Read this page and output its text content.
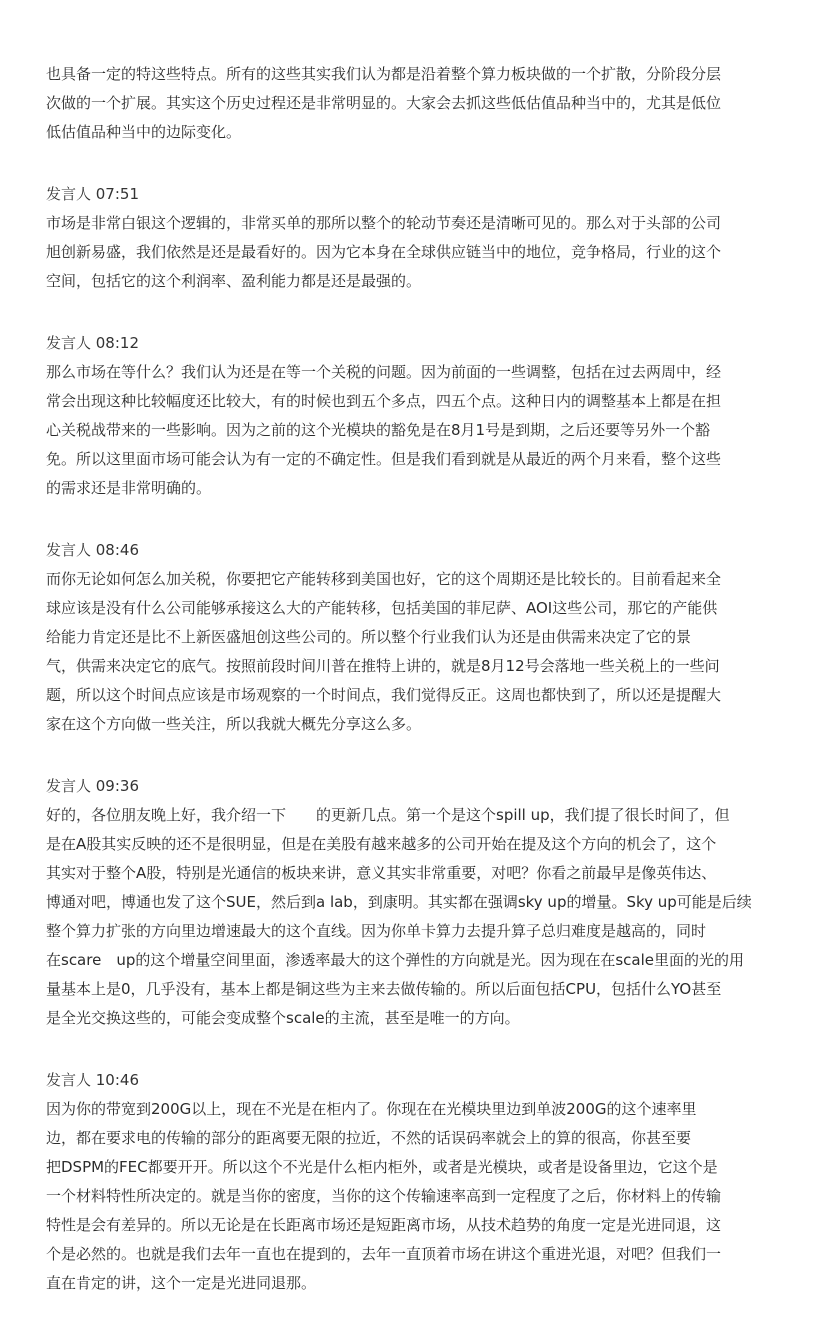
也具备一定的特这些特点。所有的这些其实我们认为都是沿着整个算力板块做的一个扩散，分阶段分层

次做的一个扩展。其实这个历史过程还是非常明显的。大家会去抓这些低估值品种当中的，尤其是低位

低估值品种当中的边际变化。

发言人 07:51

市场是非常白银这个逻辑的，非常买单的那所以整个的轮动节奏还是清晰可见的。那么对于头部的公司

旭创新易盛，我们依然是还是最看好的。因为它本身在全球供应链当中的地位，竞争格局，行业的这个

空间，包括它的这个利润率、盈利能力都是还是最强的。

发言人 08:12

那么市场在等什么？我们认为还是在等一个关税的问题。因为前面的一些调整，包括在过去两周中，经

常会出现这种比较幅度还比较大，有的时候也到五个多点，四五个点。这种日内的调整基本上都是在担

心关税战带来的一些影响。因为之前的这个光模块的豁免是在8月1号是到期，之后还要等另外一个豁

免。所以这里面市场可能会认为有一定的不确定性。但是我们看到就是从最近的两个月来看，整个这些

的需求还是非常明确的。

发言人 08:46

而你无论如何怎么加关税，你要把它产能转移到美国也好，它的这个周期还是比较长的。目前看起来全

球应该是没有什么公司能够承接这么大的产能转移，包括美国的菲尼萨、AOI这些公司，那它的产能供

给能力肯定还是比不上新医盛旭创这些公司的。所以整个行业我们认为还是由供需来决定了它的景

气，供需来决定它的底气。按照前段时间川普在推特上讲的，就是8月12号会落地一些关税上的一些问

题，所以这个时间点应该是市场观察的一个时间点，我们觉得反正。这周也都快到了，所以还是提醒大

家在这个方向做一些关注，所以我就大概先分享这么多。

发言人 09:36

好的，各位朋友晚上好，我介绍一下　　的更新几点。第一个是这个spill up，我们提了很长时间了，但

是在A股其实反映的还不是很明显，但是在美股有越来越多的公司开始在提及这个方向的机会了，这个

其实对于整个A股，特别是光通信的板块来讲，意义其实非常重要，对吧？你看之前最早是像英伟达、

博通对吧，博通也发了这个SUE，然后到a lab，到康明。其实都在强调sky up的增量。Sky up可能是后续

整个算力扩张的方向里边增速最大的这个直线。因为你单卡算力去提升算子总归难度是越高的，同时

在scare　up的这个增量空间里面，渗透率最大的这个弹性的方向就是光。因为现在在scale里面的光的用

量基本上是0，几乎没有，基本上都是铜这些为主来去做传输的。所以后面包括CPU，包括什么YO甚至

是全光交换这些的，可能会变成整个scale的主流，甚至是唯一的方向。

发言人 10:46

因为你的带宽到200G以上，现在不光是在柜内了。你现在在光模块里边到单波200G的这个速率里

边，都在要求电的传输的部分的距离要无限的拉近，不然的话误码率就会上的算的很高，你甚至要

把DSPM的FEC都要开开。所以这个不光是什么柜内柜外，或者是光模块，或者是设备里边，它这个是

一个材料特性所决定的。就是当你的密度，当你的这个传输速率高到一定程度了之后，你材料上的传输

特性是会有差异的。所以无论是在长距离市场还是短距离市场，从技术趋势的角度一定是光进同退，这

个是必然的。也就是我们去年一直也在提到的，去年一直顶着市场在讲这个重进光退，对吧？但我们一

直在肯定的讲，这个一定是光进同退那。
